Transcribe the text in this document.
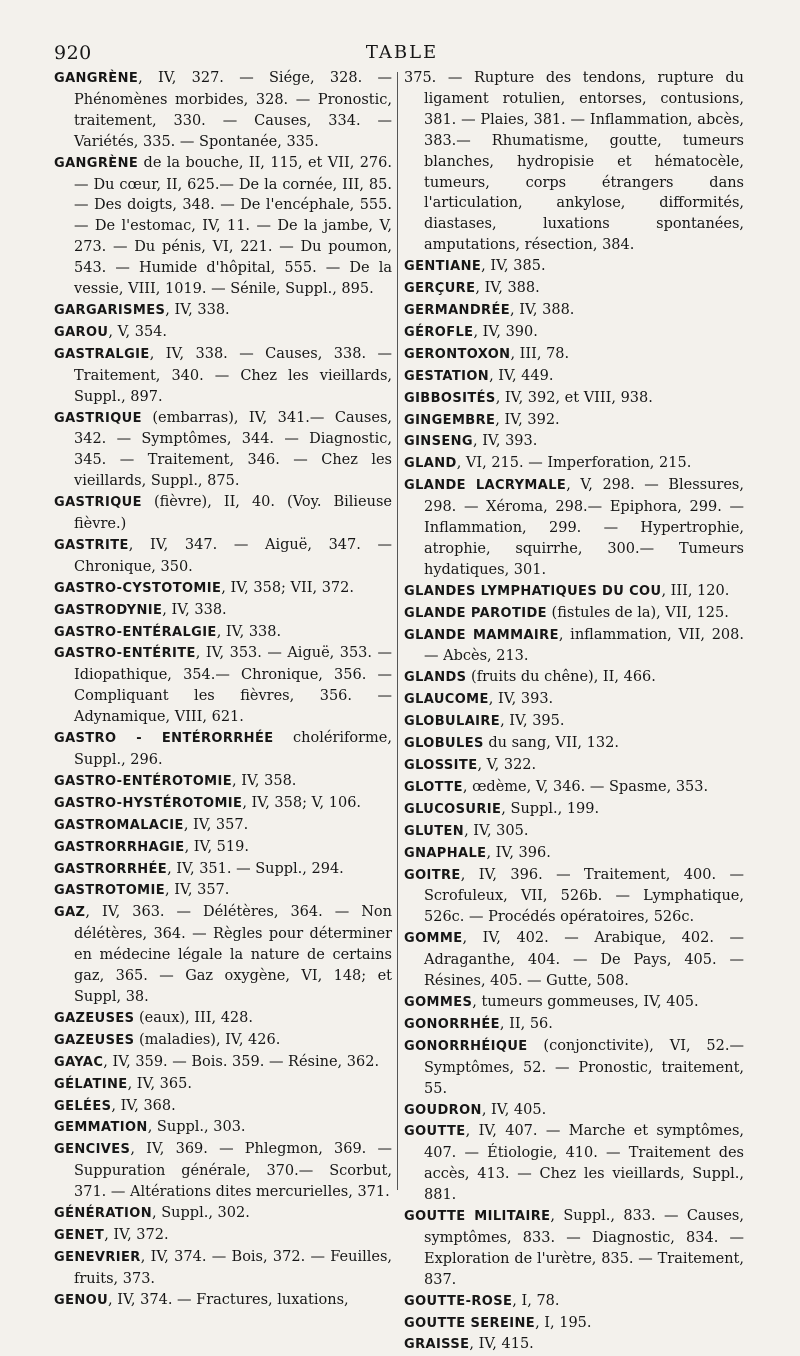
920	TABLE

GANGRÈNE, IV, 327. — Siége, 328. — Phénomènes morbides, 328. — Pronostic, traitement, 330. — Causes, 334. — Variétés, 335. — Spontanée, 335.

GANGRÈNE de la bouche, II, 115, et VII, 276. — Du cœur, II, 625.— De la cornée, III, 85. — Des doigts, 348. — De l'encéphale, 555. — De l'estomac, IV, 11. — De la jambe, V, 273. — Du pénis, VI, 221. — Du poumon, 543. — Humide d'hôpital, 555. — De la vessie, VIII, 1019. — Sénile, Suppl., 895.

GARGARISMES, IV, 338.

GAROU, V, 354.

GASTRALGIE, IV, 338. — Causes, 338. — Traitement, 340. — Chez les vieillards, Suppl., 897.

GASTRIQUE (embarras), IV, 341.— Causes, 342. — Symptômes, 344. — Diagnostic, 345. — Traitement, 346. — Chez les vieillards, Suppl., 875.

GASTRIQUE (fièvre), II, 40. (Voy. Bilieuse fièvre.)

GASTRITE, IV, 347. — Aiguë, 347. — Chronique, 350.

GASTRO-CYSTOTOMIE, IV, 358; VII, 372.

GASTRODYNIE, IV, 338.

GASTRO-ENTÉRALGIE, IV, 338.

GASTRO-ENTÉRITE, IV, 353. — Aiguë, 353. — Idiopathique, 354.— Chronique, 356. — Compliquant les fièvres, 356. — Adynamique, VIII, 621.

GASTRO - ENTÉRORRHÉE cholériforme, Suppl., 296.

GASTRO-ENTÉROTOMIE, IV, 358.

GASTRO-HYSTÉROTOMIE, IV, 358; V, 106.

GASTROMALACIE, IV, 357.

GASTRORRHAGIE, IV, 519.

GASTRORRHÉE, IV, 351. — Suppl., 294.

GASTROTOMIE, IV, 357.

GAZ, IV, 363. — Délétères, 364. — Non délétères, 364. — Règles pour déterminer en médecine légale la nature de certains gaz, 365. — Gaz oxygène, VI, 148; et Suppl, 38.

GAZEUSES (eaux), III, 428.

GAZEUSES (maladies), IV, 426.

GAYAC, IV, 359. — Bois. 359. — Résine, 362.

GÉLATINE, IV, 365.

GELÉES, IV, 368.

GEMMATION, Suppl., 303.

GENCIVES, IV, 369. — Phlegmon, 369. — Suppuration générale, 370.— Scorbut, 371. — Altérations dites mercurielles, 371.

GÉNÉRATION, Suppl., 302.

GENET, IV, 372.

GENEVRIER, IV, 374. — Bois, 372. — Feuilles, fruits, 373.

GENOU, IV, 374. — Fractures, luxations,

375. — Rupture des tendons, rupture du ligament rotulien, entorses, contusions, 381. — Plaies, 381. — Inflammation, abcès, 383.— Rhumatisme, goutte, tumeurs blanches, hydropisie et hématocèle, tumeurs, corps étrangers dans l'articulation, ankylose, difformités, diastases, luxations spontanées, amputations, résection, 384.

GENTIANE, IV, 385.

GERÇURE, IV, 388.

GERMANDRÉE, IV, 388.

GÉROFLE, IV, 390.

GERONTOXON, III, 78.

GESTATION, IV, 449.

GIBBOSITÉS, IV, 392, et VIII, 938.

GINGEMBRE, IV, 392.

GINSENG, IV, 393.

GLAND, VI, 215. — Imperforation, 215.

GLANDE LACRYMALE, V, 298. — Blessures, 298. — Xéroma, 298.— Epiphora, 299. — Inflammation, 299. — Hypertrophie, atrophie, squirrhe, 300.— Tumeurs hydatiques, 301.

GLANDES LYMPHATIQUES DU COU, III, 120.

GLANDE PAROTIDE (fistules de la), VII, 125.

GLANDE MAMMAIRE, inflammation, VII, 208. — Abcès, 213.

GLANDS (fruits du chêne), II, 466.

GLAUCOME, IV, 393.

GLOBULAIRE, IV, 395.

GLOBULES du sang, VII, 132.

GLOSSITE, V, 322.

GLOTTE, œdème, V, 346. — Spasme, 353.

GLUCOSURIE, Suppl., 199.

GLUTEN, IV, 305.

GNAPHALE, IV, 396.

GOITRE, IV, 396. — Traitement, 400. — Scrofuleux, VII, 526b. — Lymphatique, 526c. — Procédés opératoires, 526c.

GOMME, IV, 402. — Arabique, 402. — Adraganthe, 404. — De Pays, 405. — Résines, 405. — Gutte, 508.

GOMMES, tumeurs gommeuses, IV, 405.

GONORRHÉE, II, 56.

GONORRHÉIQUE (conjonctivite), VI, 52.— Symptômes, 52. — Pronostic, traitement, 55.

GOUDRON, IV, 405.

GOUTTE, IV, 407. — Marche et symptômes, 407. — Étiologie, 410. — Traitement des accès, 413. — Chez les vieillards, Suppl., 881.

GOUTTE MILITAIRE, Suppl., 833. — Causes, symptômes, 833. — Diagnostic, 834. — Exploration de l'urètre, 835. — Traitement, 837.

GOUTTE-ROSE, I, 78.

GOUTTE SEREINE, I, 195.

GRAISSE, IV, 415.
